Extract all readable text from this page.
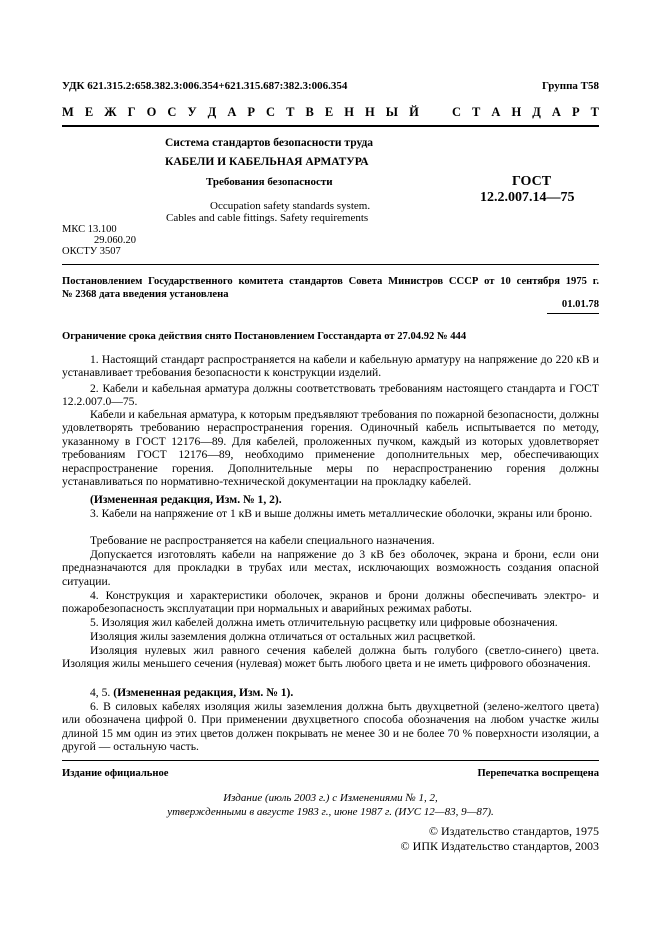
УДК 621.315.2:658.382.3:006.354+621.315.687:382.3:006.354	Группа Т58
М Е Ж Г О С У Д А Р С Т В Е Н Н Ы Й   С Т А Н Д А Р Т
Система стандартов безопасности труда
КАБЕЛИ И КАБЕЛЬНАЯ АРМАТУРА
Требования безопасности
Occupation safety standards system.
Cables and cable fittings. Safety requirements
ГОСТ
12.2.007.14—75
МКС 13.100
29.060.20
ОКСТУ 3507
Постановлением Государственного комитета стандартов Совета Министров СССР от 10 сентября 1975 г.
№ 2368 дата введения установлена
01.01.78
Ограничение срока действия снято Постановлением Госстандарта от 27.04.92 № 444
1. Настоящий стандарт распространяется на кабели и кабельную арматуру на напряжение до 220 кВ и устанавливает требования безопасности к конструкции изделий.
2. Кабели и кабельная арматура должны соответствовать требованиям настоящего стандарта и ГОСТ 12.2.007.0—75.
Кабели и кабельная арматура, к которым предъявляют требования по пожарной безопасности, должны удовлетворять требованию нераспространения горения. Одиночный кабель испытывается по методу, указанному в ГОСТ 12176—89. Для кабелей, проложенных пучком, каждый из которых удовлетворяет требованиям ГОСТ 12176—89, необходимо применение дополнительных мер, обеспечивающих нераспространение горения. Дополнительные меры по нераспространению горения должны устанавливаться по нормативно-технической документации на прокладку кабелей.
(Измененная редакция, Изм. № 1, 2).
3. Кабели на напряжение от 1 кВ и выше должны иметь металлические оболочки, экраны или броню.
Требование не распространяется на кабели специального назначения.
Допускается изготовлять кабели на напряжение до 3 кВ без оболочек, экрана и брони, если они предназначаются для прокладки в трубах или местах, исключающих возможность создания опасной ситуации.
4. Конструкция и характеристики оболочек, экранов и брони должны обеспечивать электро- и пожаробезопасность эксплуатации при нормальных и аварийных режимах работы.
5. Изоляция жил кабелей должна иметь отличительную расцветку или цифровые обозначения.
Изоляция жилы заземления должна отличаться от остальных жил расцветкой.
Изоляция нулевых жил равного сечения кабелей должна быть голубого (светло-синего) цвета. Изоляция жилы меньшего сечения (нулевая) может быть любого цвета и не иметь цифрового обозначения.
4, 5. (Измененная редакция, Изм. № 1).
6. В силовых кабелях изоляция жилы заземления должна быть двухцветной (зелено-желтого цвета) или обозначена цифрой 0. При применении двухцветного способа обозначения на любом участке жилы длиной 15 мм один из этих цветов должен покрывать не менее 30 и не более 70 % поверхности изоляции, а другой — остальную часть.
Издание официальное	Перепечатка воспрещена
Издание (июль 2003 г.) с Изменениями № 1, 2,
утвержденными в августе 1983 г., июне 1987 г. (ИУС 12—83, 9—87).
© Издательство стандартов, 1975
© ИПК Издательство стандартов, 2003
